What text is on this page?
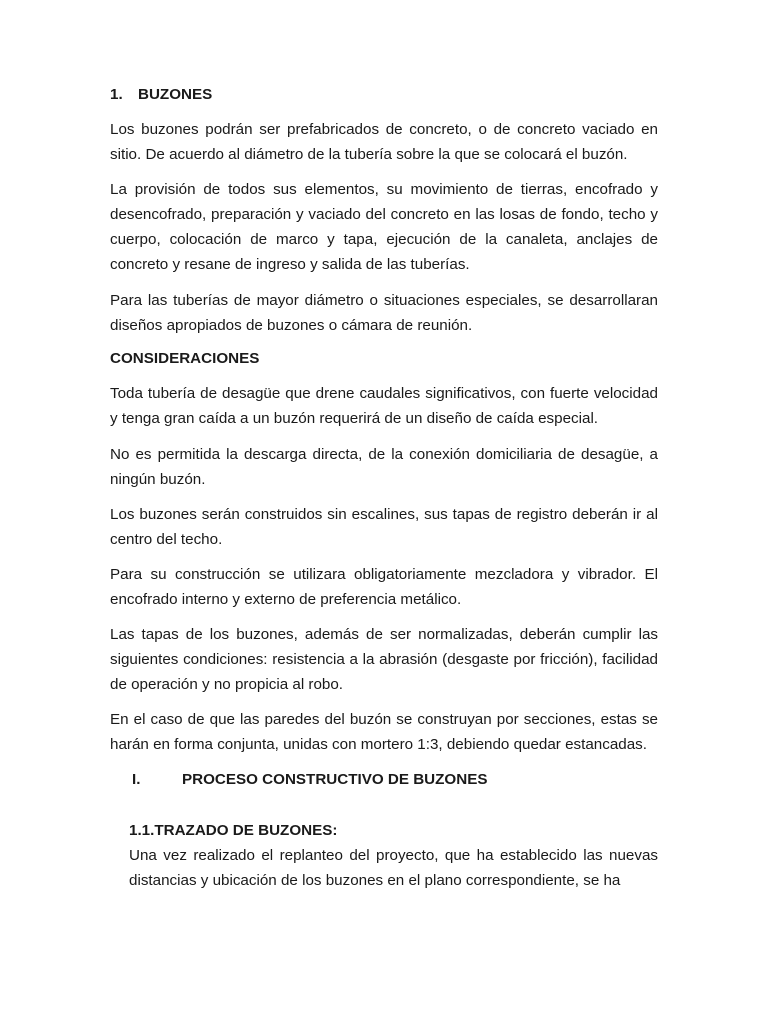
1. BUZONES

Los buzones podrán ser prefabricados de concreto, o de concreto vaciado en sitio. De acuerdo al diámetro de la tubería sobre la que se colocará el buzón.

La provisión de todos sus elementos, su movimiento de tierras, encofrado y desencofrado, preparación y vaciado del concreto en las losas de fondo, techo y cuerpo, colocación de marco y tapa, ejecución de la canaleta, anclajes de concreto y resane de ingreso y salida de las tuberías.

Para las tuberías de mayor diámetro o situaciones especiales, se desarrollaran diseños apropiados de buzones o cámara de reunión.

CONSIDERACIONES

Toda tubería de desagüe que drene caudales significativos, con fuerte velocidad y tenga gran caída a un buzón requerirá de un diseño de caída especial.

No es permitida la descarga directa, de la conexión domiciliaria de desagüe, a ningún buzón.

Los buzones serán construidos sin escalines, sus tapas de registro deberán ir al centro del techo.

Para su construcción se utilizara obligatoriamente mezcladora y vibrador. El encofrado interno y externo de preferencia metálico.

Las tapas de los buzones, además de ser normalizadas, deberán cumplir las siguientes condiciones: resistencia a la abrasión (desgaste por fricción), facilidad de operación y no propicia al robo.

En el caso de que las paredes del buzón se construyan por secciones, estas se harán en forma conjunta, unidas con mortero 1:3, debiendo quedar estancadas.

I.	PROCESO CONSTRUCTIVO DE BUZONES
1.1.TRAZADO DE BUZONES:

Una vez realizado el replanteo del proyecto, que ha establecido las nuevas distancias y ubicación de los buzones en el plano correspondiente, se ha
